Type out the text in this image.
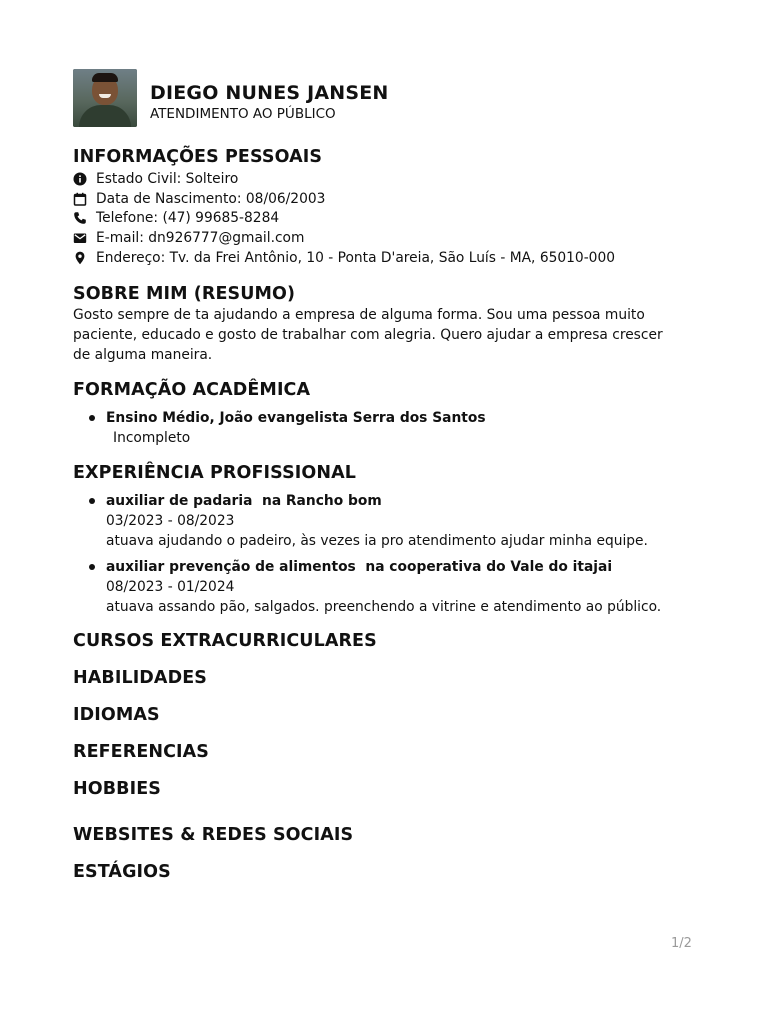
DIEGO NUNES JANSEN
ATENDIMENTO AO PÚBLICO
INFORMAÇÕES PESSOAIS
Estado Civil: Solteiro
Data de Nascimento: 08/06/2003
Telefone: (47) 99685-8284
E-mail: dn926777@gmail.com
Endereço: Tv. da Frei Antônio, 10 - Ponta D'areia, São Luís - MA, 65010-000
SOBRE MIM (RESUMO)
Gosto sempre de ta ajudando a empresa de alguma forma. Sou uma pessoa muito
paciente, educado e gosto de trabalhar com alegria. Quero ajudar a empresa crescer
de alguma maneira.
FORMAÇÃO ACADÊMICA
Ensino Médio, João evangelista Serra dos Santos
Incompleto
EXPERIÊNCIA PROFISSIONAL
auxiliar de padaria  na Rancho bom
03/2023 - 08/2023
atuava ajudando o padeiro, às vezes ia pro atendimento ajudar minha equipe.
auxiliar prevenção de alimentos  na cooperativa do Vale do itajai
08/2023 - 01/2024
atuava assando pão, salgados. preenchendo a vitrine e atendimento ao público.
CURSOS EXTRACURRICULARES
HABILIDADES
IDIOMAS
REFERENCIAS
HOBBIES
WEBSITES & REDES SOCIAIS
ESTÁGIOS
1/2
